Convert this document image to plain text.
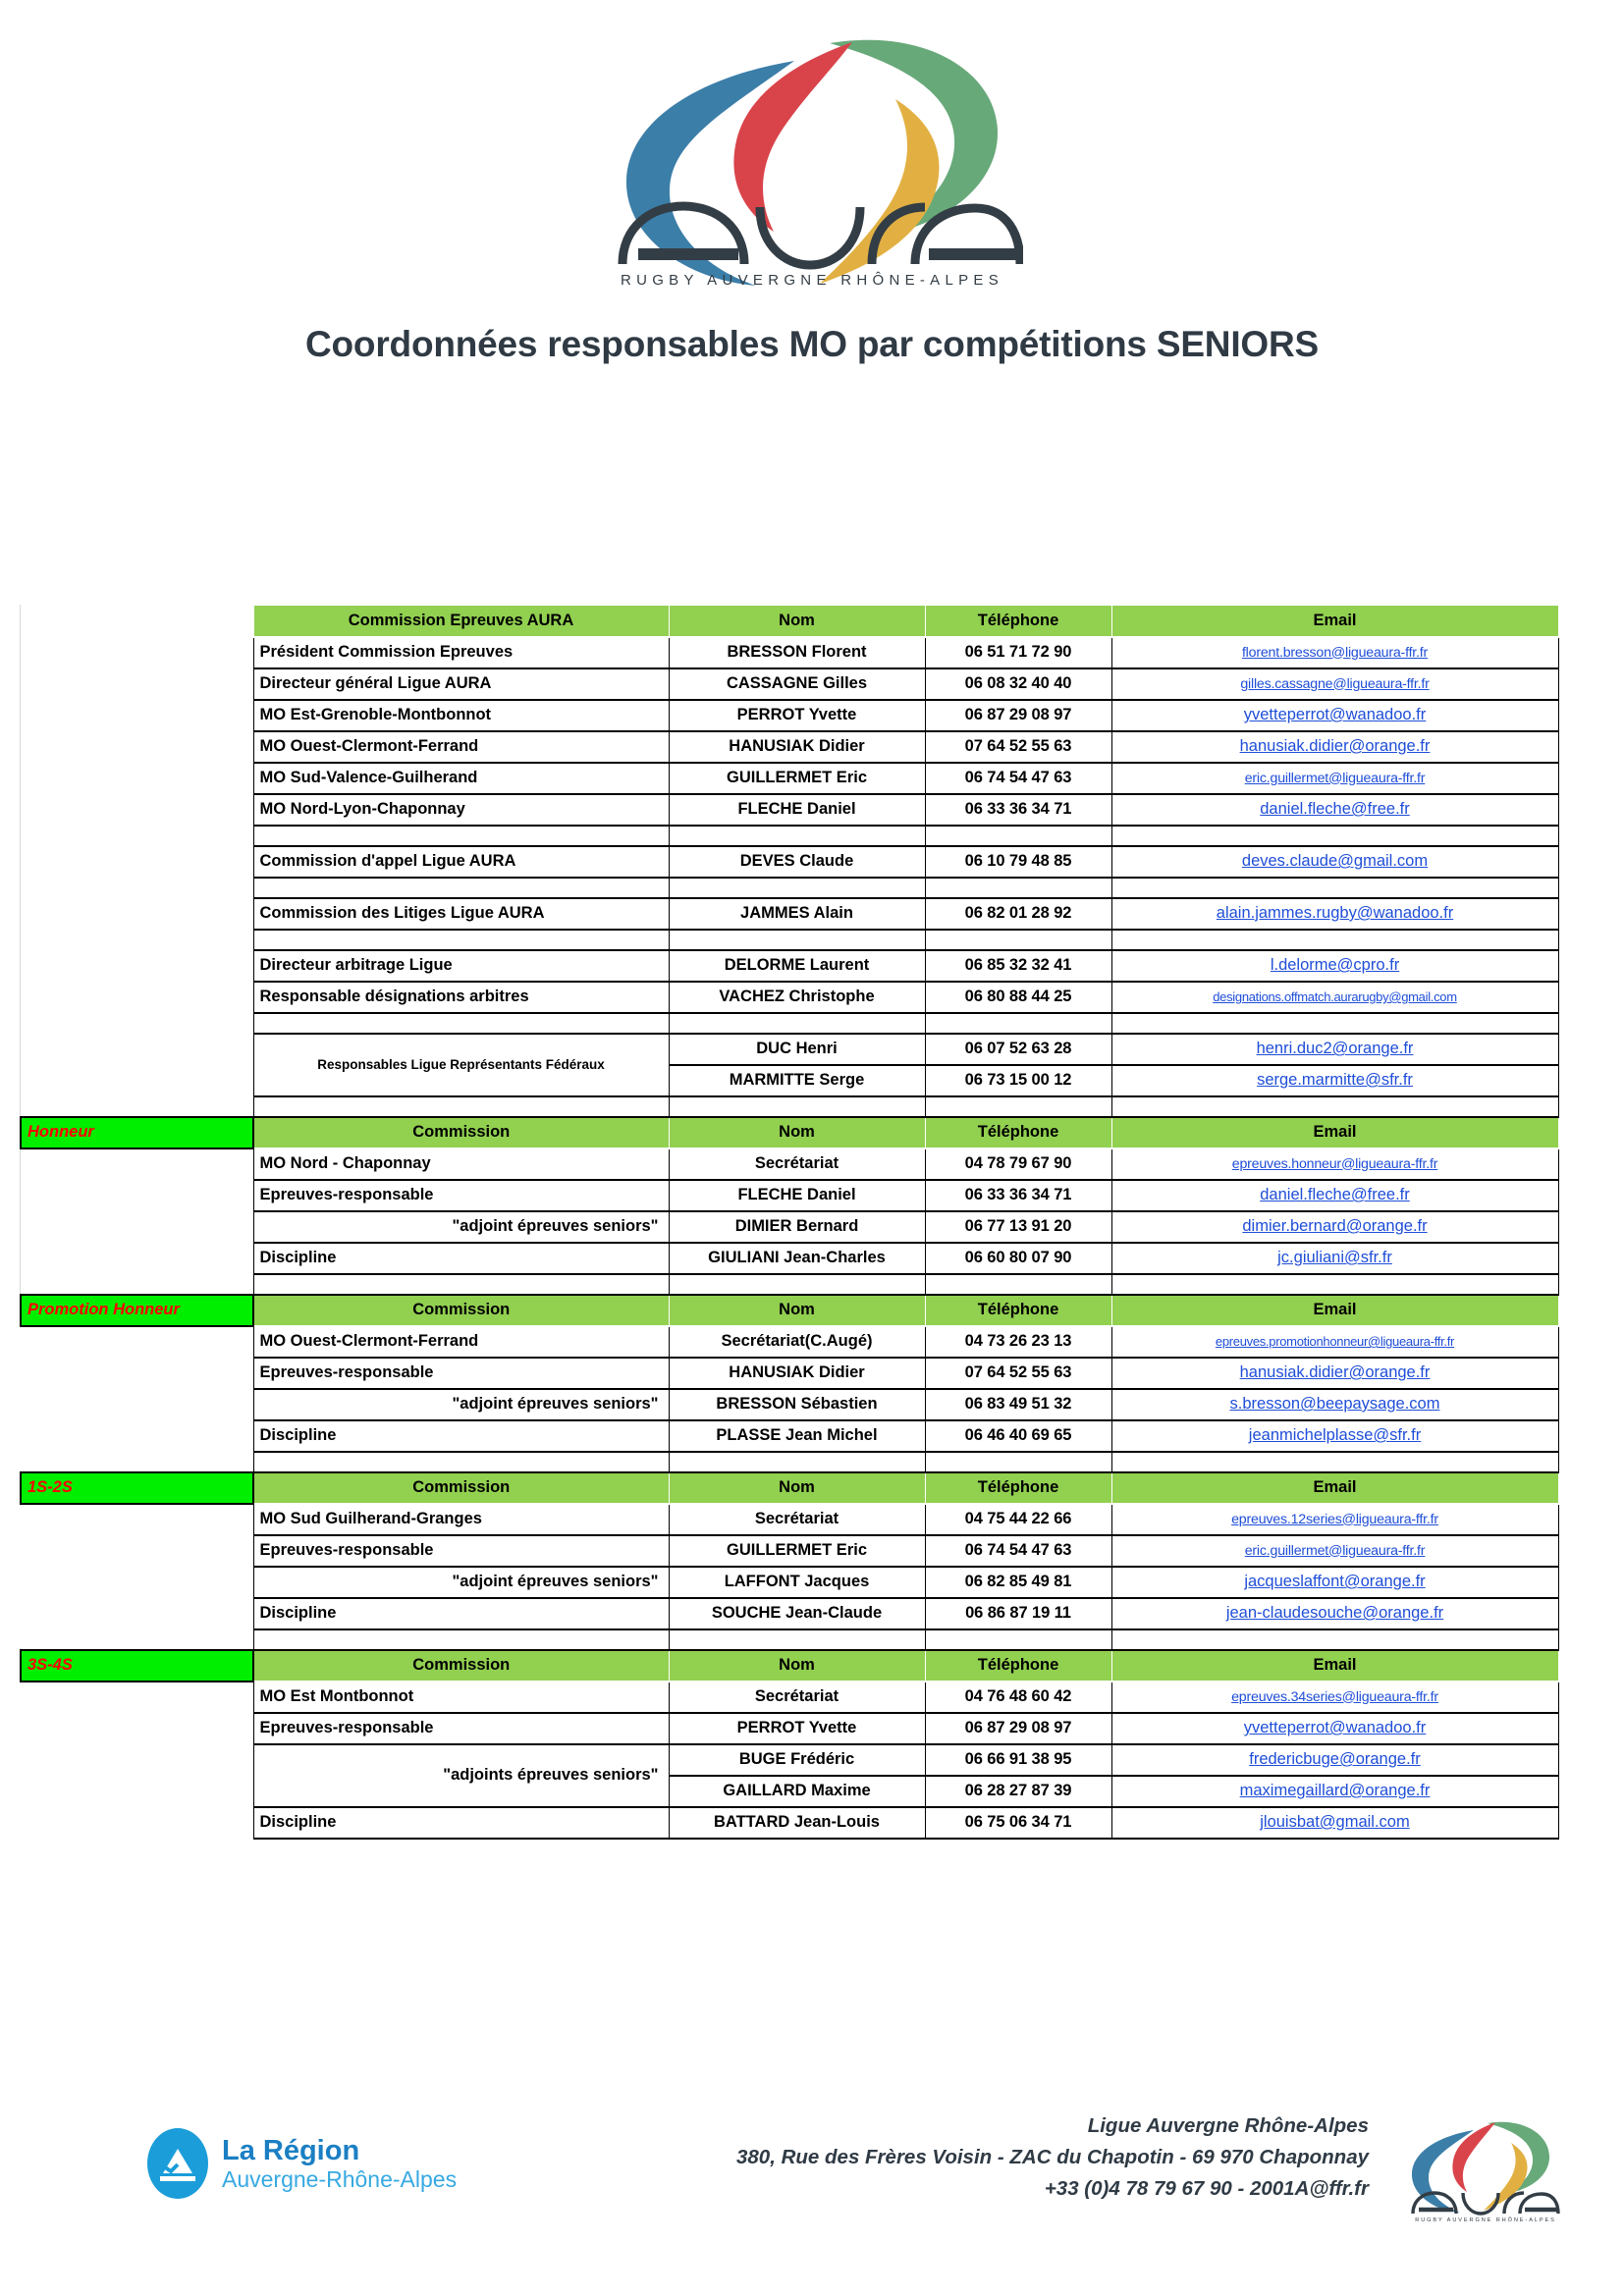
RUGBY AUVERGNE RHÔNE-ALPES
Coordonnées responsables MO par compétitions SENIORS
	Commission Epreuves AURA	Nom	Téléphone	Email
	Président Commission Epreuves	BRESSON Florent	06 51 71 72 90	florent.bresson@ligueaura-ffr.fr
	Directeur général Ligue AURA	CASSAGNE Gilles	06 08 32 40 40	gilles.cassagne@ligueaura-ffr.fr
	MO Est-Grenoble-Montbonnot	PERROT Yvette	06 87 29 08 97	yvetteperrot@wanadoo.fr
	MO Ouest-Clermont-Ferrand	HANUSIAK Didier	07 64 52 55 63	hanusiak.didier@orange.fr
	MO Sud-Valence-Guilherand	GUILLERMET Eric	06 74 54 47 63	eric.guillermet@ligueaura-ffr.fr
	MO Nord-Lyon-Chaponnay	FLECHE Daniel	06 33 36 34 71	daniel.fleche@free.fr

	Commission d'appel Ligue AURA	DEVES Claude	06 10 79 48 85	deves.claude@gmail.com

	Commission des Litiges Ligue AURA	JAMMES Alain	06 82 01 28 92	alain.jammes.rugby@wanadoo.fr

	Directeur arbitrage Ligue	DELORME Laurent	06 85 32 32 41	l.delorme@cpro.fr
	Responsable désignations arbitres	VACHEZ Christophe	06 80 88 44 25	designations.offmatch.aurarugby@gmail.com

	Responsables Ligue Représentants Fédéraux	DUC Henri	06 07 52 63 28	henri.duc2@orange.fr
		MARMITTE Serge	06 73 15 00 12	serge.marmitte@sfr.fr

Honneur	Commission	Nom	Téléphone	Email
	MO Nord - Chaponnay	Secrétariat	04 78 79 67 90	epreuves.honneur@ligueaura-ffr.fr
	Epreuves-responsable	FLECHE Daniel	06 33 36 34 71	daniel.fleche@free.fr
	"adjoint épreuves seniors"	DIMIER Bernard	06 77 13 91 20	dimier.bernard@orange.fr
	Discipline	GIULIANI Jean-Charles	06 60 80 07 90	jc.giuliani@sfr.fr

Promotion Honneur	Commission	Nom	Téléphone	Email
	MO Ouest-Clermont-Ferrand	Secrétariat(C.Augé)	04 73 26 23 13	epreuves.promotionhonneur@ligueaura-ffr.fr
	Epreuves-responsable	HANUSIAK Didier	07 64 52 55 63	hanusiak.didier@orange.fr
	"adjoint épreuves seniors"	BRESSON Sébastien	06 83 49 51 32	s.bresson@beepaysage.com
	Discipline	PLASSE Jean Michel	06 46 40 69 65	jeanmichelplasse@sfr.fr

1S-2S	Commission	Nom	Téléphone	Email
	MO Sud Guilherand-Granges	Secrétariat	04 75 44 22 66	epreuves.12series@ligueaura-ffr.fr
	Epreuves-responsable	GUILLERMET Eric	06 74 54 47 63	eric.guillermet@ligueaura-ffr.fr
	"adjoint épreuves seniors"	LAFFONT Jacques	06 82 85 49 81	jacqueslaffont@orange.fr
	Discipline	SOUCHE Jean-Claude	06 86 87 19 11	jean-claudesouche@orange.fr

3S-4S	Commission	Nom	Téléphone	Email
	MO Est Montbonnot	Secrétariat	04 76 48 60 42	epreuves.34series@ligueaura-ffr.fr
	Epreuves-responsable	PERROT Yvette	06 87 29 08 97	yvetteperrot@wanadoo.fr
	"adjoints épreuves seniors"	BUGE Frédéric	06 66 91 38 95	fredericbuge@orange.fr
		GAILLARD Maxime	06 28 27 87 39	maximegaillard@orange.fr
	Discipline	BATTARD Jean-Louis	06 75 06 34 71	jlouisbat@gmail.com
La Région
Auvergne-Rhône-Alpes
Ligue Auvergne Rhône-Alpes
380, Rue des Frères Voisin - ZAC du Chapotin - 69 970 Chaponnay
+33 (0)4 78 79 67 90 - 2001A@ffr.fr
RUGBY AUVERGNE RHÔNE-ALPES
